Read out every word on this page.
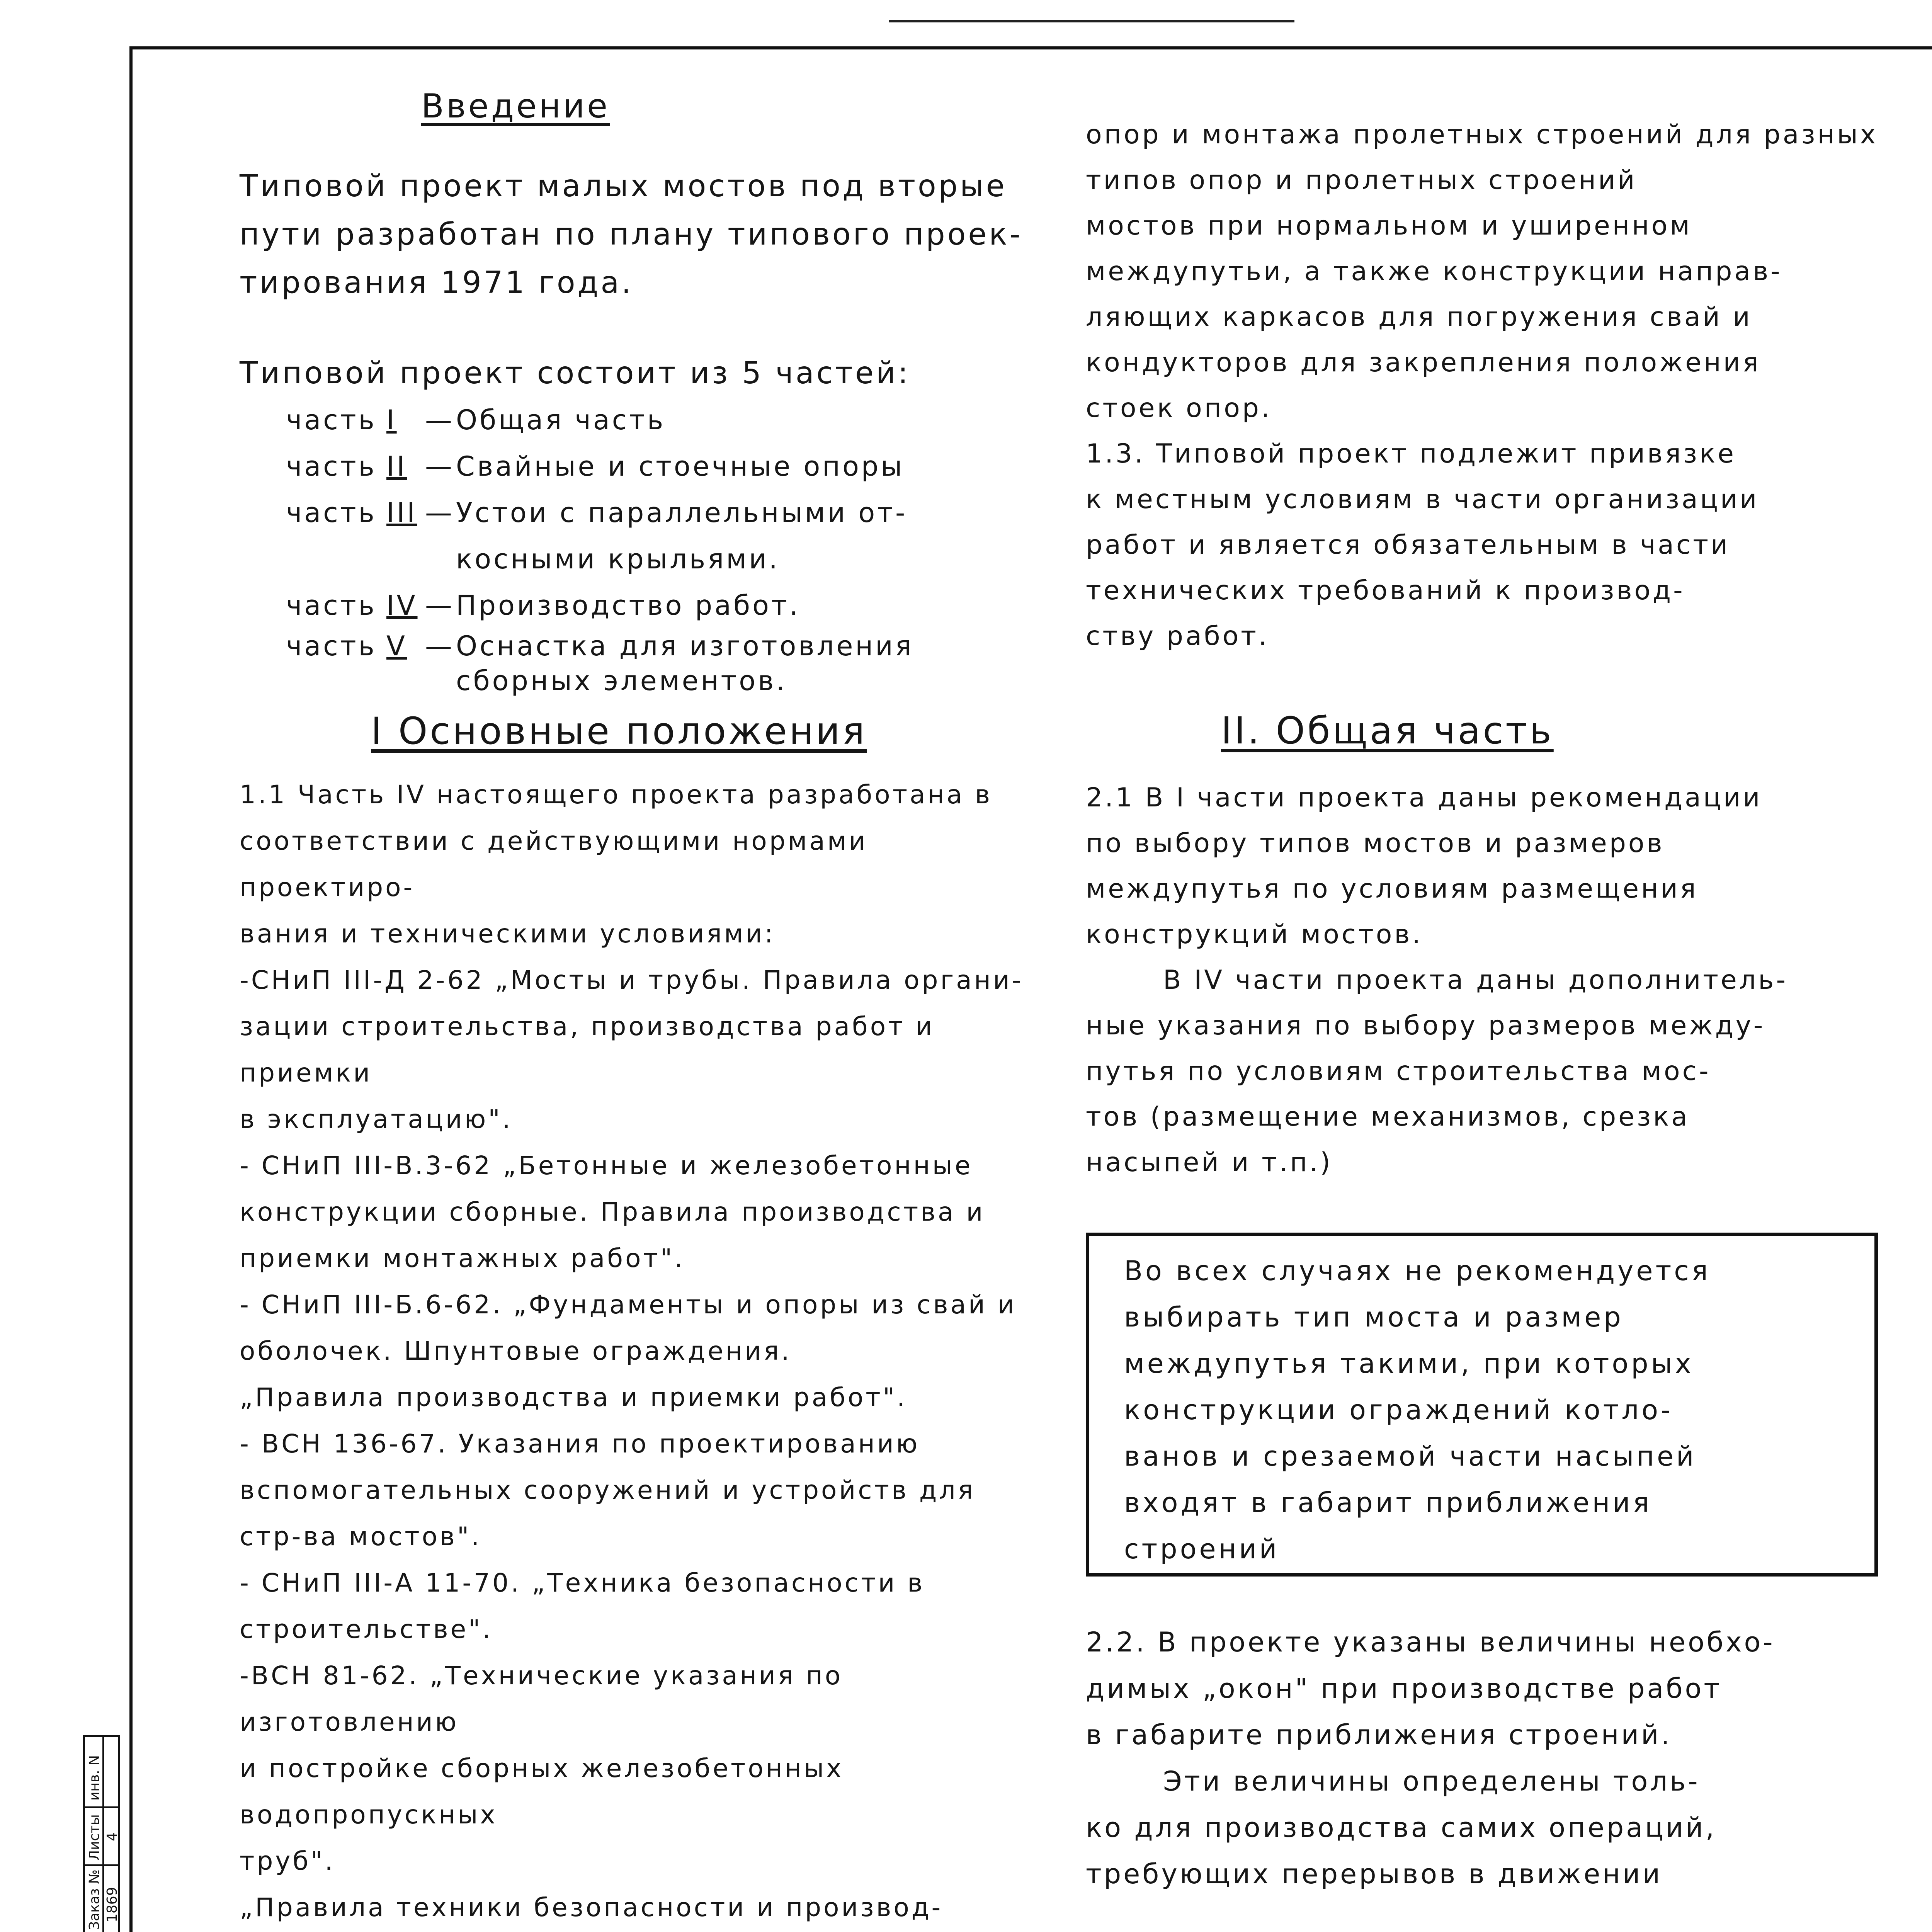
Введение

Типовой проект малых мостов под вторые

пути разработан по плану типового проек-

тирования 1971 года.

Типовой проект состоит из 5 частей:

часть I	— Общая часть
часть II — Свайные и стоечные опоры
часть III — Устои с параллельными от-
косными крыльями.
часть IV — Производство работ.
часть V — Оснастка для изготовления
сборных элементов.

I Основные положения

1.1 Часть IV настоящего проекта разработана в

соответствии с действующими нормами проектиро-

вания и техническими условиями:

-СНиП III-Д 2-62 „Мосты и трубы. Правила органи-

зации строительства, производства работ и приемки

в эксплуатацию".

- СНиП III-В.3-62 „Бетонные и железобетонные

конструкции сборные. Правила производства и

приемки монтажных работ".

- СНиП III-Б.6-62. „Фундаменты и опоры из свай и

оболочек. Шпунтовые ограждения.

„Правила производства и приемки работ".

- ВСН 136-67. Указания по проектированию

вспомогательных сооружений и устройств для

стр-ва мостов".

- СНиП III-А 11-70. „Техника безопасности в

строительстве".

-ВСН 81-62. „Технические указания по изготовлению

и постройке сборных железобетонных водопропускных

труб".

„Правила техники безопасности и производ-

опор и монтажа пролетных строений для разных

типов опор и пролетных строений

мостов при нормальном и уширенном

междупутьи, а также конструкции направ-

ляющих каркасов для погружения свай и

кондукторов для закрепления положения

стоек опор.

1.3. Типовой проект подлежит привязке

к местным условиям в части организации

работ и является обязательным в части

технических требований к производ-

ству работ.

II. Общая часть

2.1 В I части проекта даны рекомендации

по выбору типов мостов и размеров

междупутья по условиям размещения

конструкций мостов.

В IV части проекта даны дополнитель-

ные указания по выбору размеров между-

путья по условиям строительства мос-

тов (размещение механизмов, срезка

насыпей и т.п.)

Во всех случаях не рекомендуется

выбирать тип моста и размер

междупутья такими, при которых

конструкции ограждений котло-

ванов и срезаемой части насыпей

входят в габарит приближения

строений

2.2. В проекте указаны величины необхо-

димых „окон" при производстве работ

в габарите приближения строений.

Эти величины определены толь-

ко для производства самих операций,

требующих перерывов в движении

Заказ № 1869
Листы 4
инв. N
